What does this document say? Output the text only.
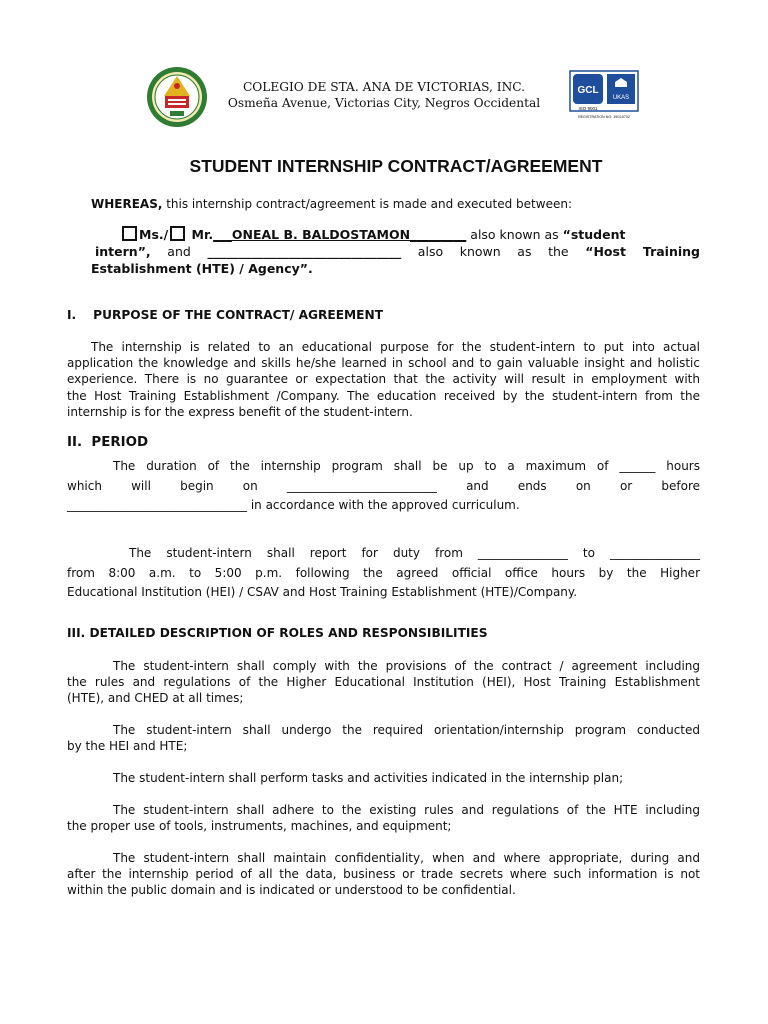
COLEGIO DE STA. ANA DE VICTORIAS, INC.
Osmeña Avenue, Victorias City, Negros Occidental
GCL
UKAS
ISO 9001
REGISTRATION NO: 19G10702
STUDENT INTERNSHIP CONTRACT/AGREEMENT
WHEREAS, this internship contract/agreement is made and executed between:
Ms./ Mr.___ONEAL B. BALDOSTAMON_________ also known as “student
intern”, and _______________________________ also known as the “Host Training
Establishment (HTE) / Agency”.
I.    PURPOSE OF THE CONTRACT/ AGREEMENT
The internship is related to an educational purpose for the student-intern to put into actual
application the knowledge and skills he/she learned in school and to gain valuable insight and holistic
experience. There is no guarantee or expectation that the activity will result in employment with
the Host Training Establishment /Company. The education received by the student-intern from the
internship is for the express benefit of the student-intern.
II.  PERIOD
The duration of the internship program shall be up to a maximum of ______ hours
which will begin on _________________________ and ends on or before
______________________________ in accordance with the approved curriculum.
The student-intern shall report for duty from _______________ to _______________
from 8:00 a.m. to 5:00 p.m. following the agreed official office hours by the Higher
Educational Institution (HEI) / CSAV and Host Training Establishment (HTE)/Company.
III. DETAILED DESCRIPTION OF ROLES AND RESPONSIBILITIES
The student-intern shall comply with the provisions of the contract / agreement including
the rules and regulations of the Higher Educational Institution (HEI), Host Training Establishment
(HTE), and CHED at all times;
The student-intern shall undergo the required orientation/internship program conducted
by the HEI and HTE;
The student-intern shall perform tasks and activities indicated in the internship plan;
The student-intern shall adhere to the existing rules and regulations of the HTE including
the proper use of tools, instruments, machines, and equipment;
The student-intern shall maintain confidentiality, when and where appropriate, during and
after the internship period of all the data, business or trade secrets where such information is not
within the public domain and is indicated or understood to be confidential.
